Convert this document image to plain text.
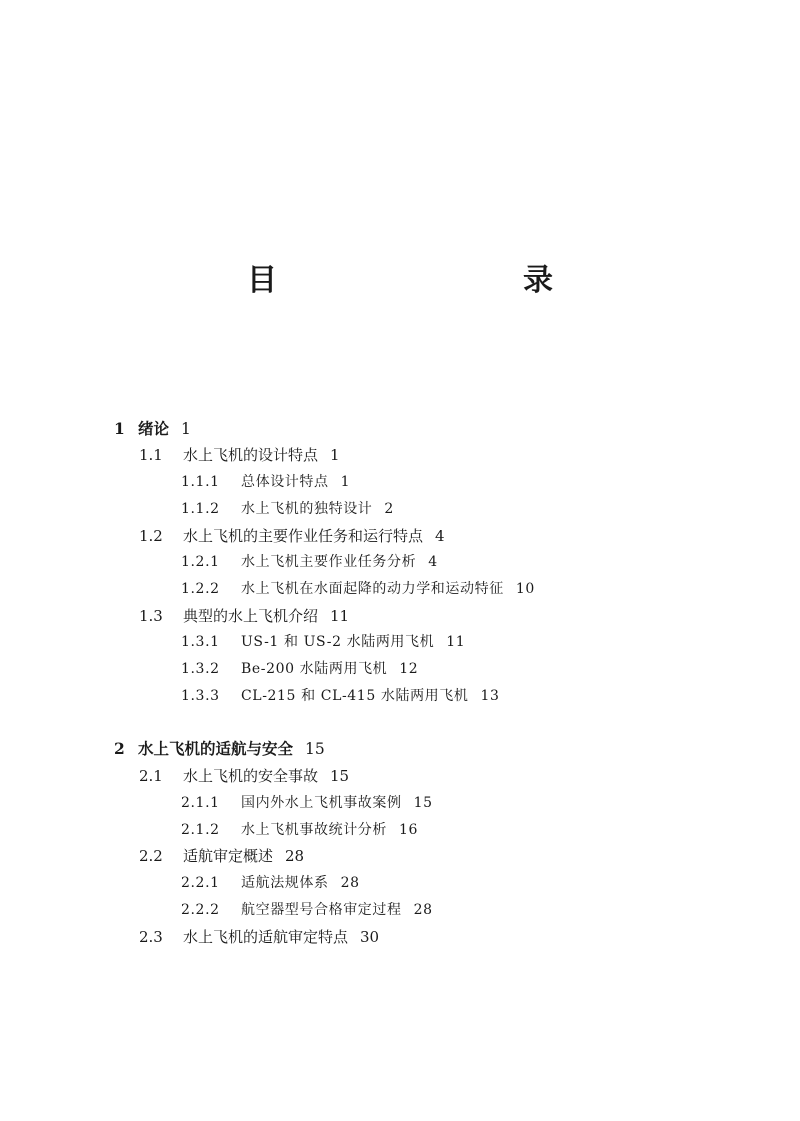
目　　录
1 绪论 1
1.1 水上飞机的设计特点 1
1.1.1 总体设计特点 1
1.1.2 水上飞机的独特设计 2
1.2 水上飞机的主要作业任务和运行特点 4
1.2.1 水上飞机主要作业任务分析 4
1.2.2 水上飞机在水面起降的动力学和运动特征 10
1.3 典型的水上飞机介绍 11
1.3.1 US-1 和 US-2 水陆两用飞机 11
1.3.2 Be-200 水陆两用飞机 12
1.3.3 CL-215 和 CL-415 水陆两用飞机 13
2 水上飞机的适航与安全 15
2.1 水上飞机的安全事故 15
2.1.1 国内外水上飞机事故案例 15
2.1.2 水上飞机事故统计分析 16
2.2 适航审定概述 28
2.2.1 适航法规体系 28
2.2.2 航空器型号合格审定过程 28
2.3 水上飞机的适航审定特点 30
